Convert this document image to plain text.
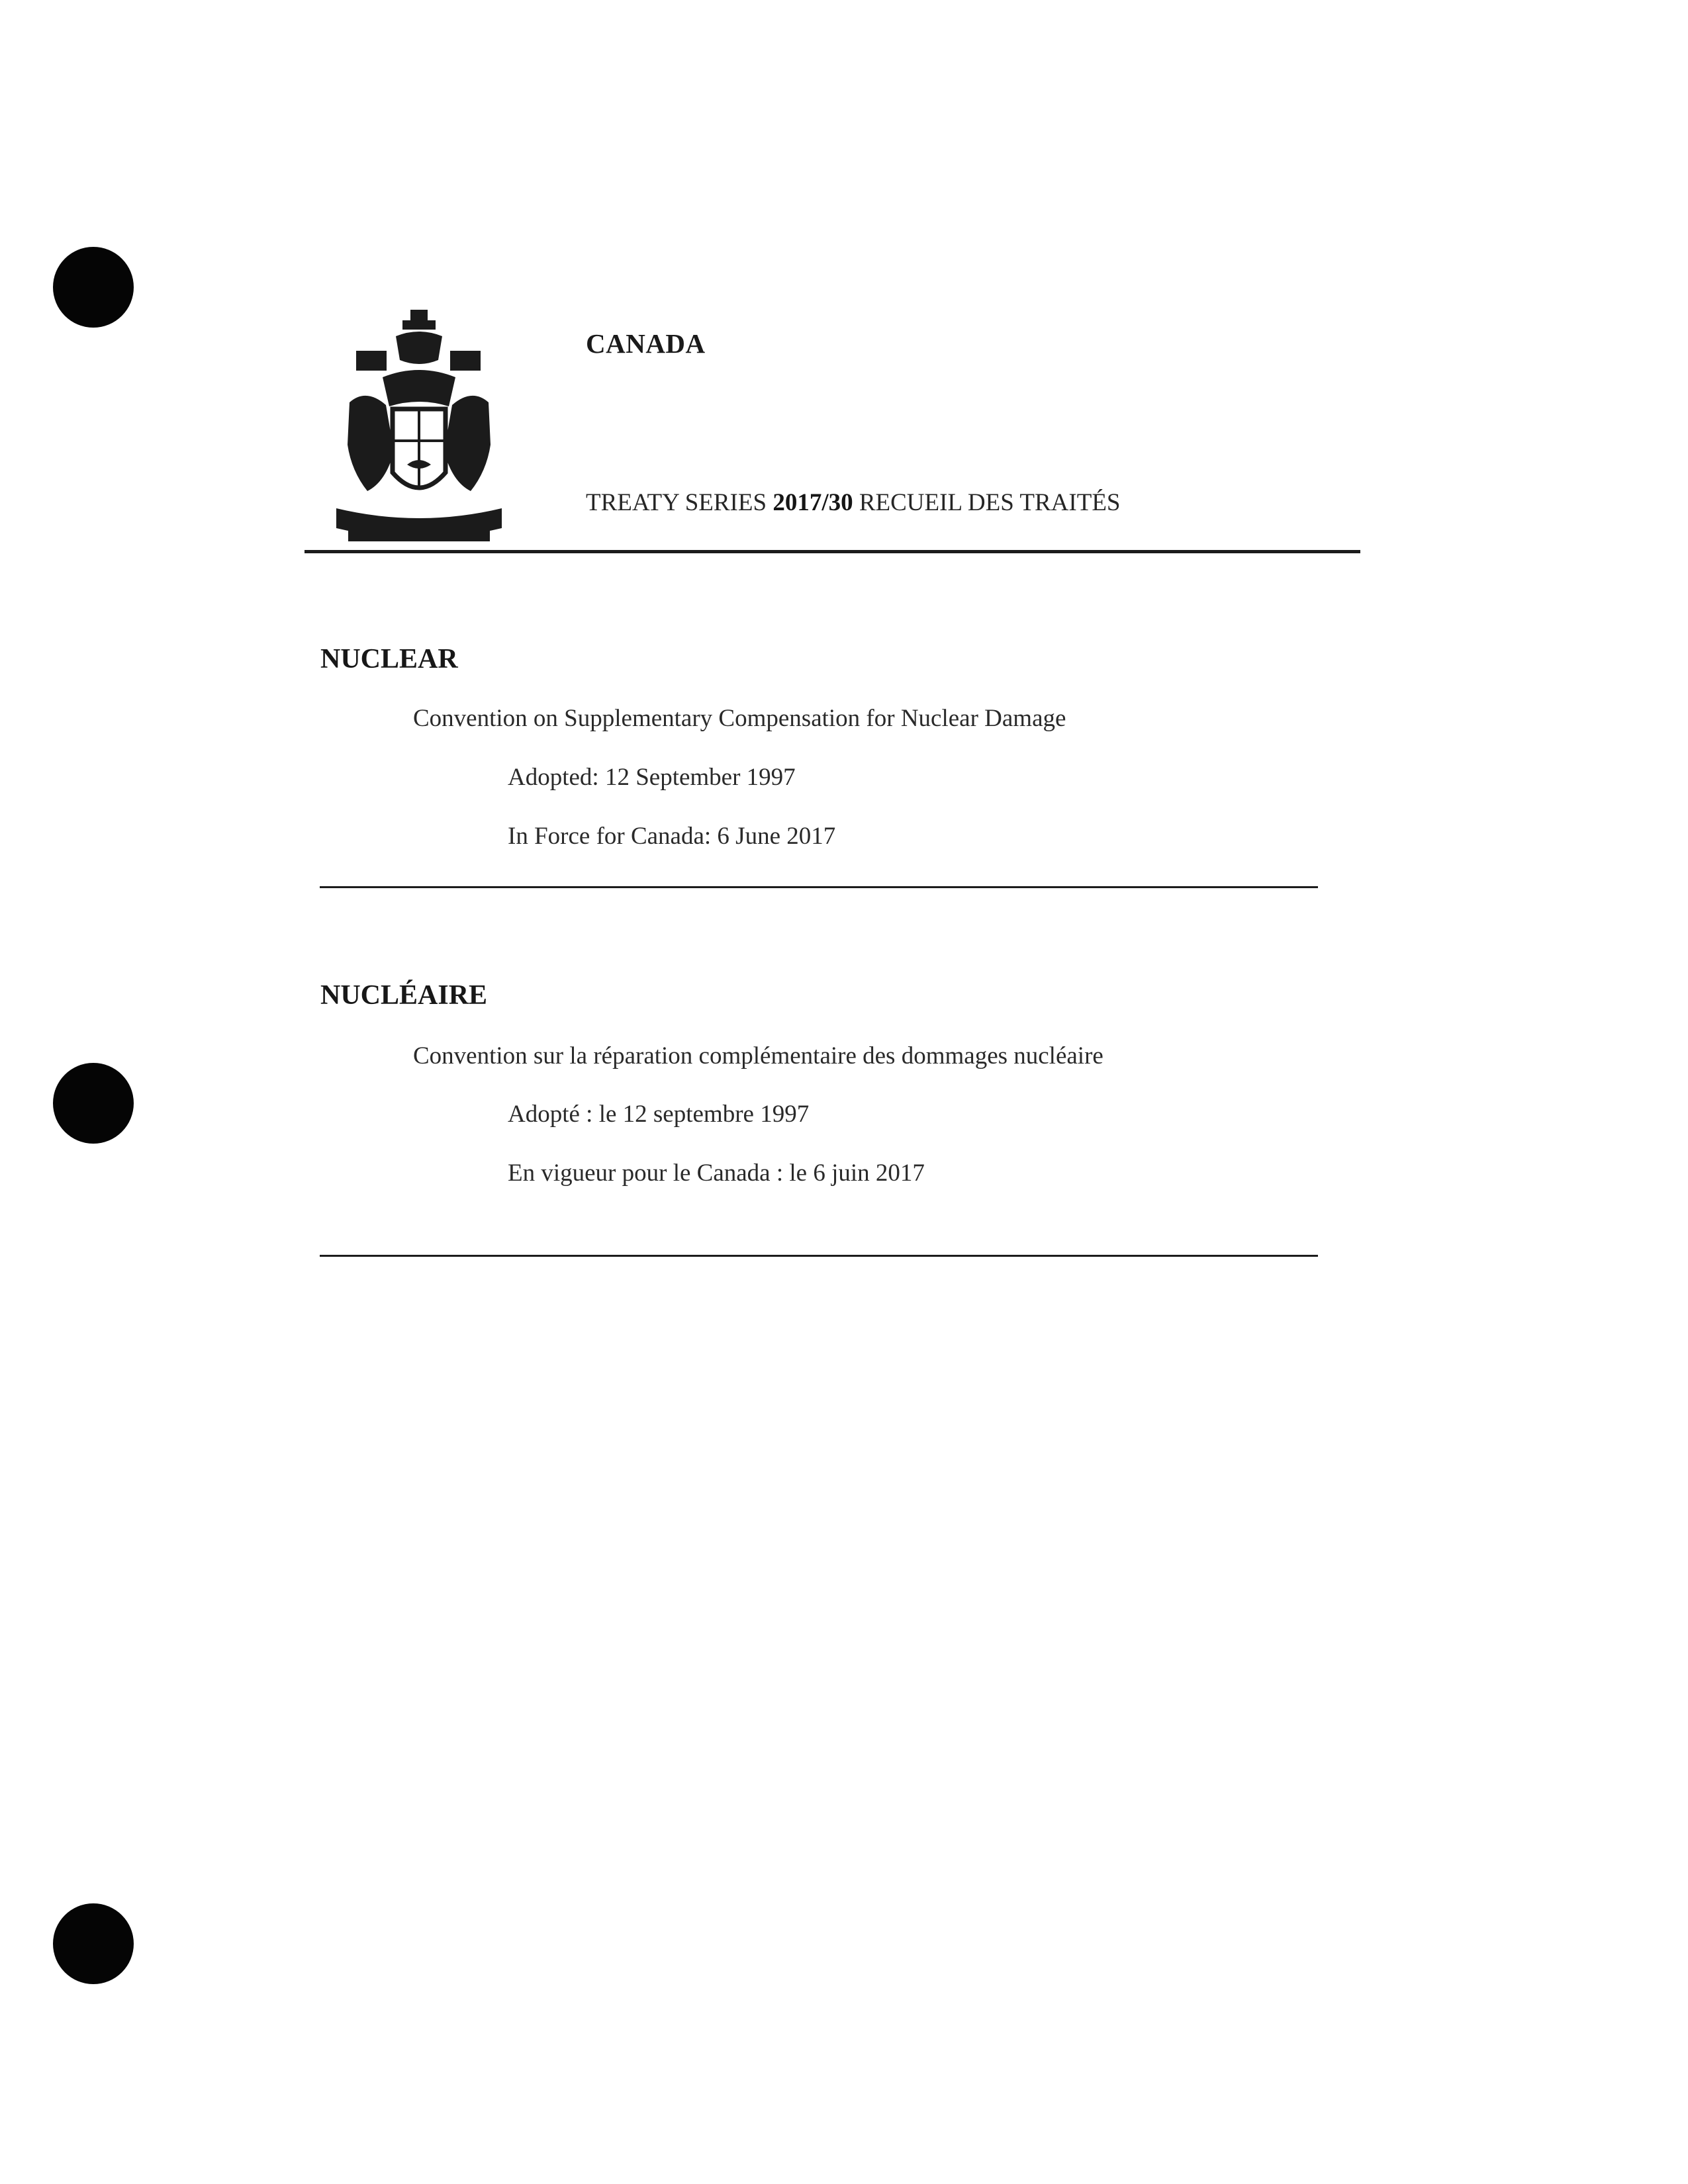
CANADA
TREATY SERIES 2017/30 RECUEIL DES TRAITÉS
NUCLEAR
Convention on Supplementary Compensation for Nuclear Damage
Adopted: 12 September 1997
In Force for Canada: 6 June 2017
NUCLÉAIRE
Convention sur la réparation complémentaire des dommages nucléaire
Adopté : le 12 septembre 1997
En vigueur pour le Canada : le 6 juin 2017
